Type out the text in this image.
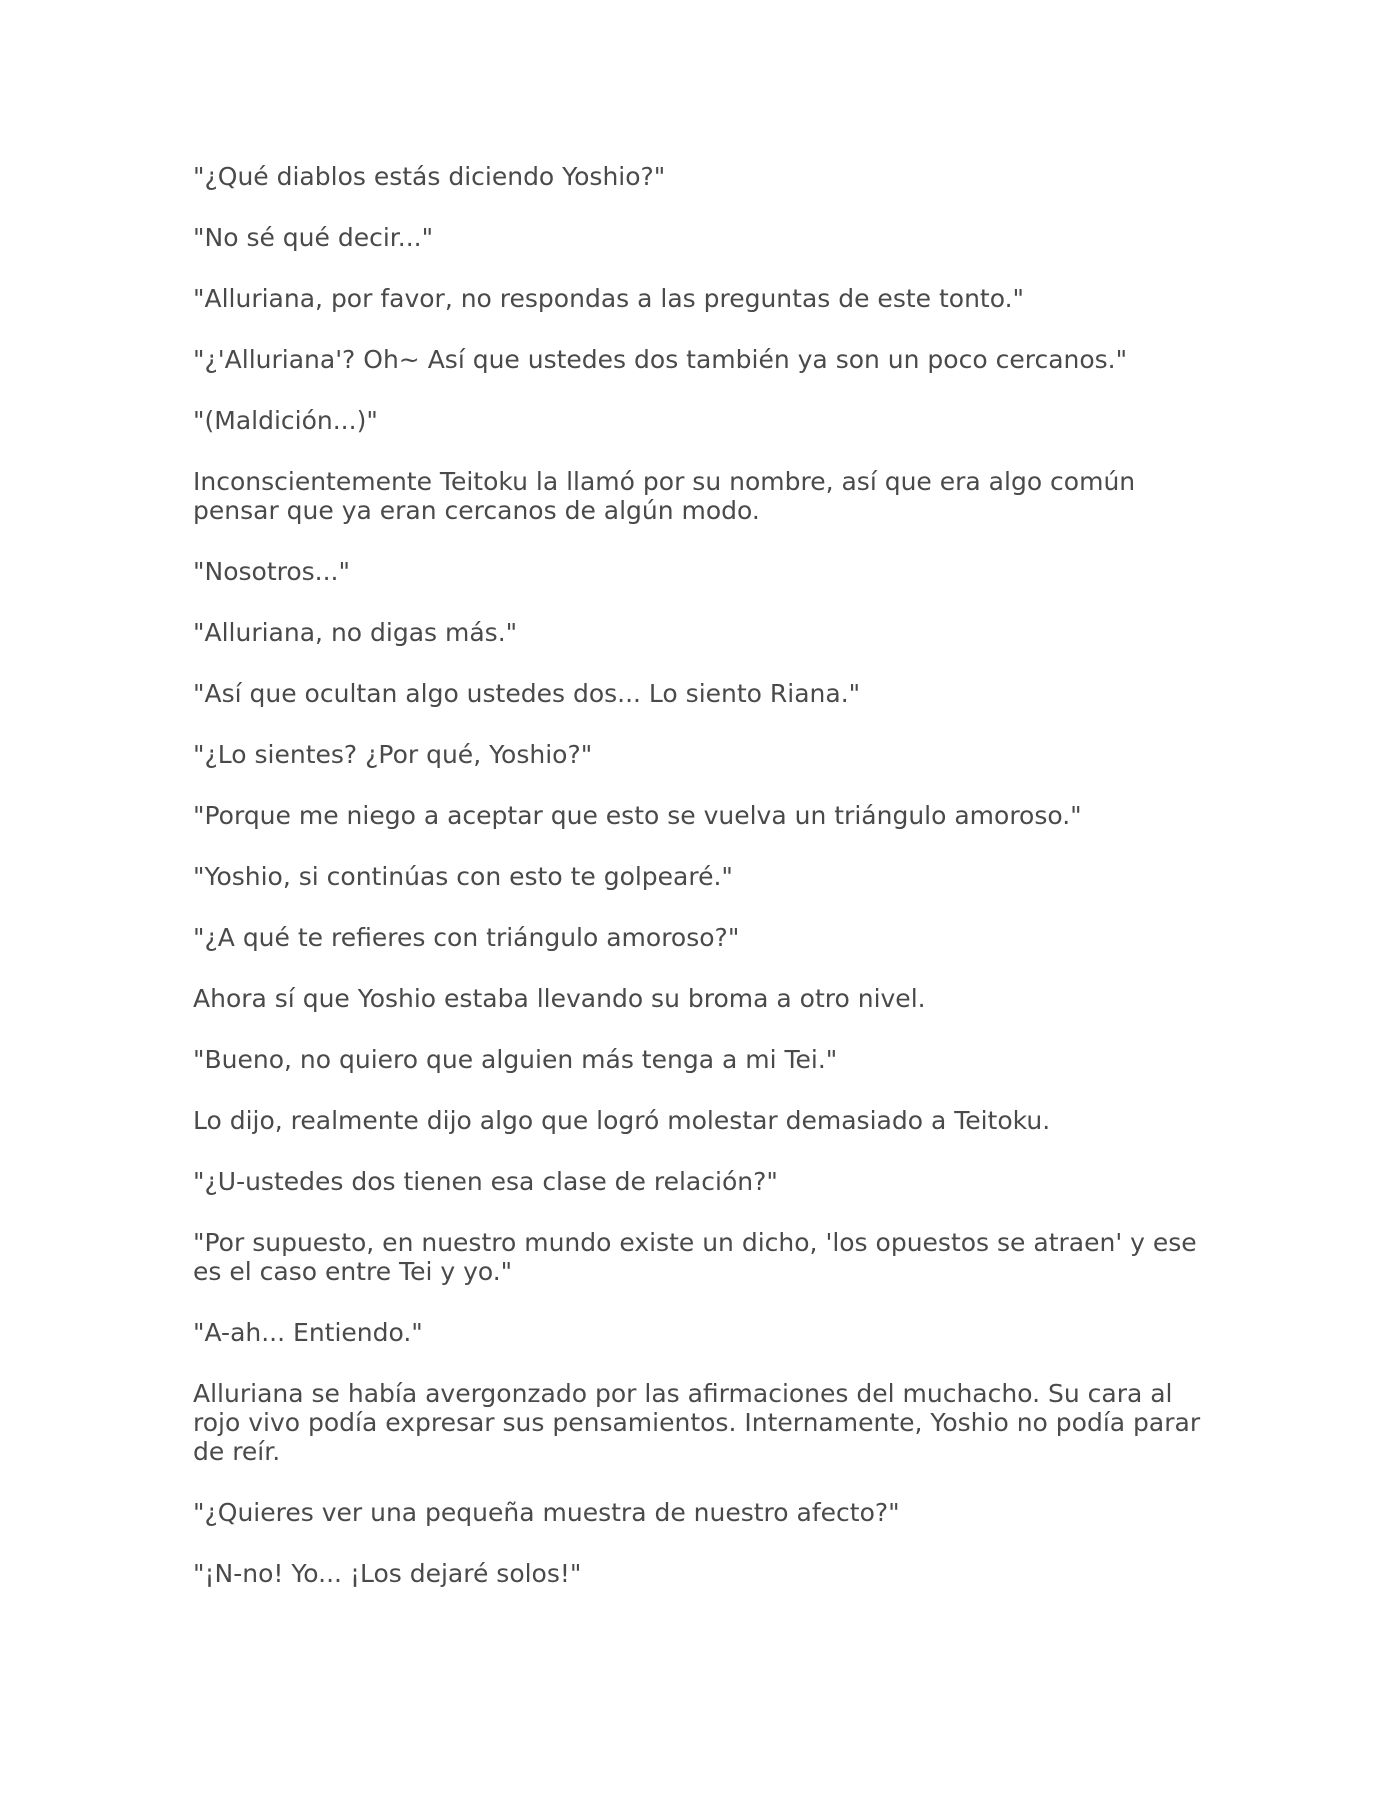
"¿Qué diablos estás diciendo Yoshio?"

"No sé qué decir..."

"Alluriana, por favor, no respondas a las preguntas de este tonto."

"¿'Alluriana'? Oh~ Así que ustedes dos también ya son un poco cercanos."

"(Maldición...)"

Inconscientemente Teitoku la llamó por su nombre, así que era algo común pensar que ya eran cercanos de algún modo.

"Nosotros..."

"Alluriana, no digas más."

"Así que ocultan algo ustedes dos... Lo siento Riana."

"¿Lo sientes? ¿Por qué, Yoshio?"

"Porque me niego a aceptar que esto se vuelva un triángulo amoroso."

"Yoshio, si continúas con esto te golpearé."

"¿A qué te refieres con triángulo amoroso?"

Ahora sí que Yoshio estaba llevando su broma a otro nivel.

"Bueno, no quiero que alguien más tenga a mi Tei."

Lo dijo, realmente dijo algo que logró molestar demasiado a Teitoku.

"¿U-ustedes dos tienen esa clase de relación?"

"Por supuesto, en nuestro mundo existe un dicho, 'los opuestos se atraen' y ese es el caso entre Tei y yo."

"A-ah... Entiendo."

Alluriana se había avergonzado por las afirmaciones del muchacho. Su cara al rojo vivo podía expresar sus pensamientos. Internamente, Yoshio no podía parar de reír.

"¿Quieres ver una pequeña muestra de nuestro afecto?"

"¡N-no! Yo... ¡Los dejaré solos!"
